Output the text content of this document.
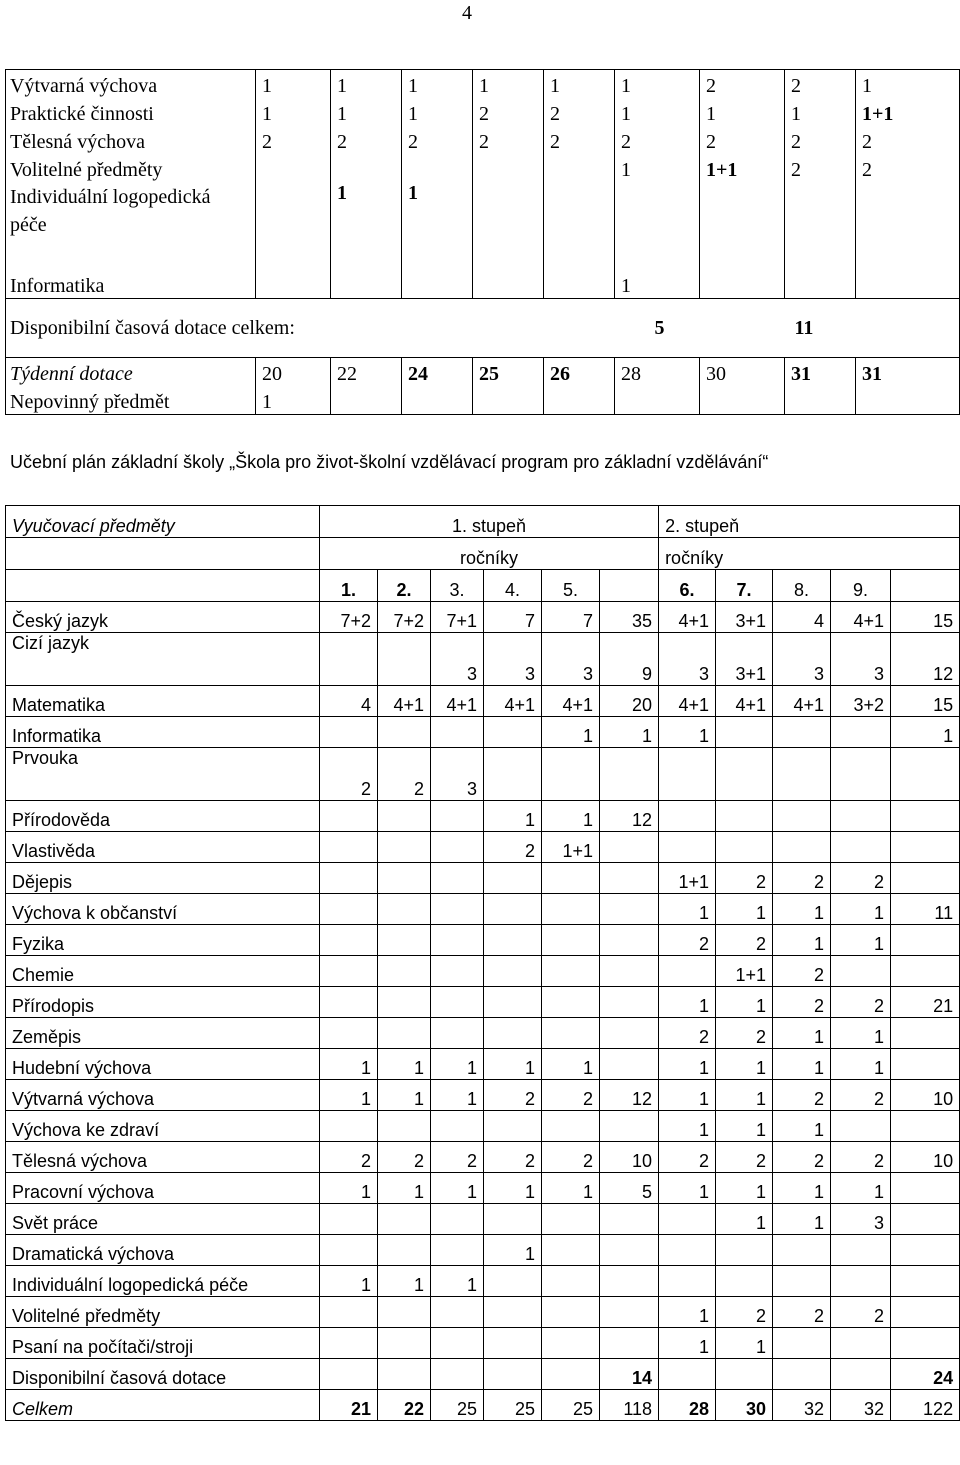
4
Výtvarná výchova	1	1	1	1	1	1	2	2	1
Praktické činnosti	1	1	1	2	2	1	1	1	1+1
Tělesná výchova	2	2	2	2	2	2	2	2	2
Volitelné předměty						1	1+1	2	2
Individuální logopedická péče		1	1						
Informatika						1			
Disponibilní časová dotace celkem:				5				11	
Týdenní dotace	20	22	24	25	26	28	30	31	31
Nepovinný předmět	1								
Učební plán základní školy „Škola pro život-školní vzdělávací program pro základní vzdělávání“
Vyučovací předměty	1. stupeň						2. stupeň				
	ročníky						ročníky				
	1.	2.	3.	4.	5.		6.	7.	8.	9.	
Český jazyk	7+2	7+2	7+1	7	7	35	4+1	3+1	4	4+1	15
Cizí jazyk			3	3	3	9	3	3+1	3	3	12
Matematika	4	4+1	4+1	4+1	4+1	20	4+1	4+1	4+1	3+2	15
Informatika					1	1	1				1
Prvouka	2	2	3								
Přírodověda				1	1	12					
Vlastivěda				2	1+1						
Dějepis							1+1	2	2	2	
Výchova k občanství							1	1	1	1	11
Fyzika							2	2	1	1	
Chemie								1+1	2		
Přírodopis							1	1	2	2	21
Zeměpis							2	2	1	1	
Hudební výchova	1	1	1	1	1		1	1	1	1	
Výtvarná výchova	1	1	1	2	2	12	1	1	2	2	10
Výchova ke zdraví							1	1	1		
Tělesná výchova	2	2	2	2	2	10	2	2	2	2	10
Pracovní výchova	1	1	1	1	1	5	1	1	1	1	
Svět práce								1	1	3	
Dramatická výchova				1							
Individuální logopedická péče	1	1	1								
Volitelné předměty							1	2	2	2	
Psaní na počítači/stroji							1	1			
Disponibilní časová dotace						14					24
Celkem	21	22	25	25	25	118	28	30	32	32	122
